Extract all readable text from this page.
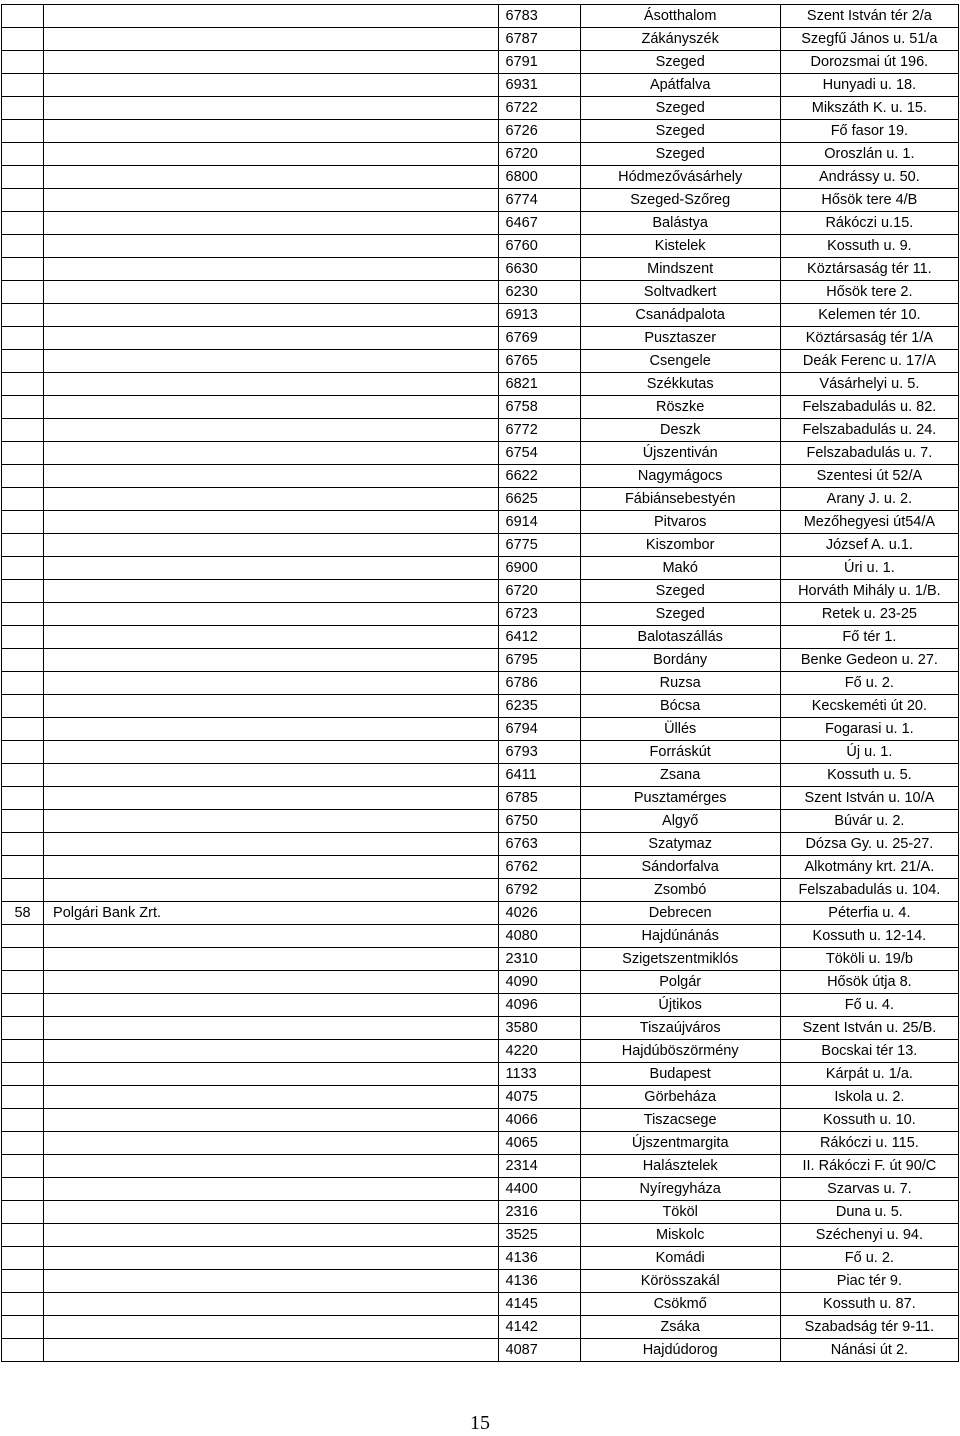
		6783	Ásotthalom	Szent István tér 2/a
		6787	Zákányszék	Szegfű János u. 51/a
		6791	Szeged	Dorozsmai út 196.
		6931	Apátfalva	Hunyadi u. 18.
		6722	Szeged	Mikszáth K. u. 15.
		6726	Szeged	Fő fasor 19.
		6720	Szeged	Oroszlán u. 1.
		6800	Hódmezővásárhely	Andrássy u. 50.
		6774	Szeged-Szőreg	Hősök tere 4/B
		6467	Balástya	Rákóczi u.15.
		6760	Kistelek	Kossuth u. 9.
		6630	Mindszent	Köztársaság tér 11.
		6230	Soltvadkert	Hősök tere 2.
		6913	Csanádpalota	Kelemen tér 10.
		6769	Pusztaszer	Köztársaság tér 1/A
		6765	Csengele	Deák Ferenc u. 17/A
		6821	Székkutas	Vásárhelyi u. 5.
		6758	Röszke	Felszabadulás u. 82.
		6772	Deszk	Felszabadulás u. 24.
		6754	Újszentiván	Felszabadulás u. 7.
		6622	Nagymágocs	Szentesi út 52/A
		6625	Fábiánsebestyén	Arany J. u. 2.
		6914	Pitvaros	Mezőhegyesi út54/A
		6775	Kiszombor	József A. u.1.
		6900	Makó	Úri u. 1.
		6720	Szeged	Horváth Mihály u. 1/B.
		6723	Szeged	Retek u. 23-25
		6412	Balotaszállás	Fő tér 1.
		6795	Bordány	Benke Gedeon u. 27.
		6786	Ruzsa	Fő u. 2.
		6235	Bócsa	Kecskeméti út 20.
		6794	Üllés	Fogarasi u. 1.
		6793	Forráskút	Új u. 1.
		6411	Zsana	Kossuth u. 5.
		6785	Pusztamérges	Szent István u. 10/A
		6750	Algyő	Búvár u. 2.
		6763	Szatymaz	Dózsa Gy. u. 25-27.
		6762	Sándorfalva	Alkotmány krt. 21/A.
		6792	Zsombó	Felszabadulás u. 104.
58	Polgári Bank Zrt.	4026	Debrecen	Péterfia u. 4.
		4080	Hajdúnánás	Kossuth u. 12-14.
		2310	Szigetszentmiklós	Tököli u. 19/b
		4090	Polgár	Hősök útja 8.
		4096	Újtikos	Fő u. 4.
		3580	Tiszaújváros	Szent István u. 25/B.
		4220	Hajdúböszörmény	Bocskai tér 13.
		1133	Budapest	Kárpát u. 1/a.
		4075	Görbeháza	Iskola u. 2.
		4066	Tiszacsege	Kossuth u. 10.
		4065	Újszentmargita	Rákóczi u. 115.
		2314	Halásztelek	II. Rákóczi F. út 90/C
		4400	Nyíregyháza	Szarvas u. 7.
		2316	Tököl	Duna u. 5.
		3525	Miskolc	Széchenyi u. 94.
		4136	Komádi	Fő u. 2.
		4136	Körösszakál	Piac tér 9.
		4145	Csökmő	Kossuth u. 87.
		4142	Zsáka	Szabadság tér 9-11.
		4087	Hajdúdorog	Nánási út 2.
15
